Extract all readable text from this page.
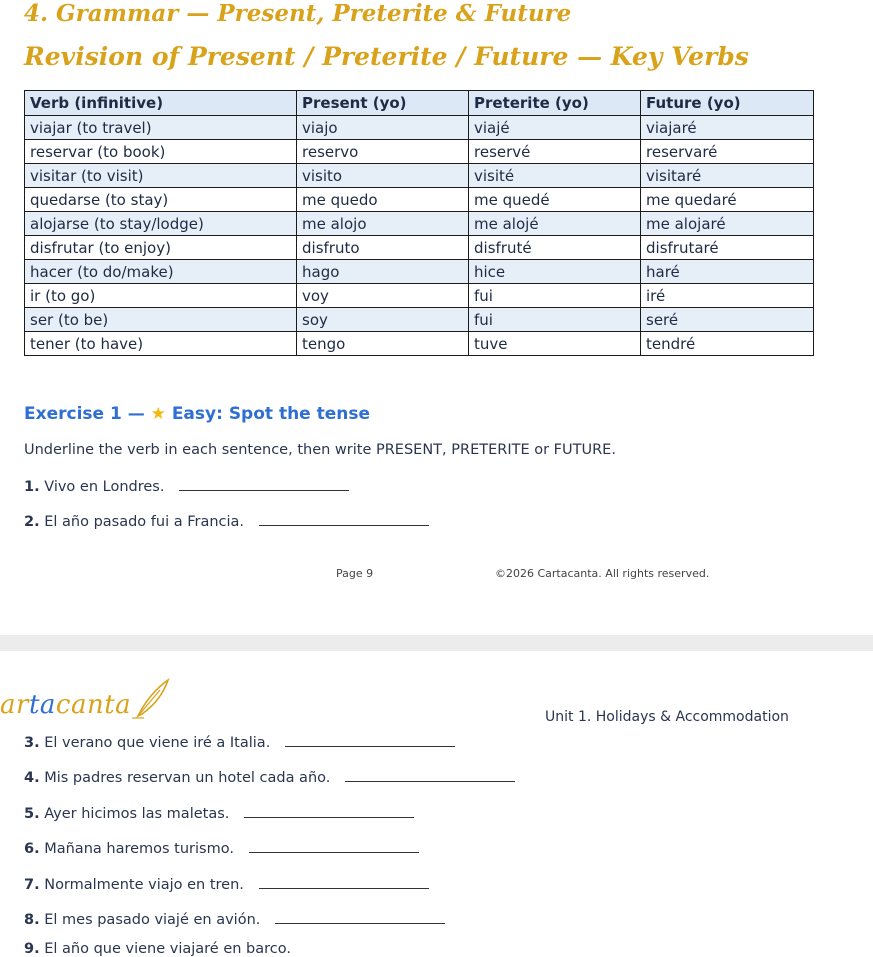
4. Grammar — Present, Preterite & Future
Revision of Present / Preterite / Future — Key Verbs
Verb (infinitive)	Present (yo)	Preterite (yo)	Future (yo)
viajar (to travel)	viajo	viajé	viajaré
reservar (to book)	reservo	reservé	reservaré
visitar (to visit)	visito	visité	visitaré
quedarse (to stay)	me quedo	me quedé	me quedaré
alojarse (to stay/lodge)	me alojo	me alojé	me alojaré
disfrutar (to enjoy)	disfruto	disfruté	disfrutaré
hacer (to do/make)	hago	hice	haré
ir (to go)	voy	fui	iré
ser (to be)	soy	fui	seré
tener (to have)	tengo	tuve	tendré
Exercise 1 — ★ Easy: Spot the tense

Underline the verb in each sentence, then write PRESENT, PRETERITE or FUTURE.

1. Vivo en Londres.

2. El año pasado fui a Francia.

Page 9	©2026 Cartacanta. All rights reserved.
artacanta	Unit 1. Holidays & Accommodation

3. El verano que viene iré a Italia.

4. Mis padres reservan un hotel cada año.

5. Ayer hicimos las maletas.

6. Mañana haremos turismo.

7. Normalmente viajo en tren.

8. El mes pasado viajé en avión.

9. El año que viene viajaré en barco.
